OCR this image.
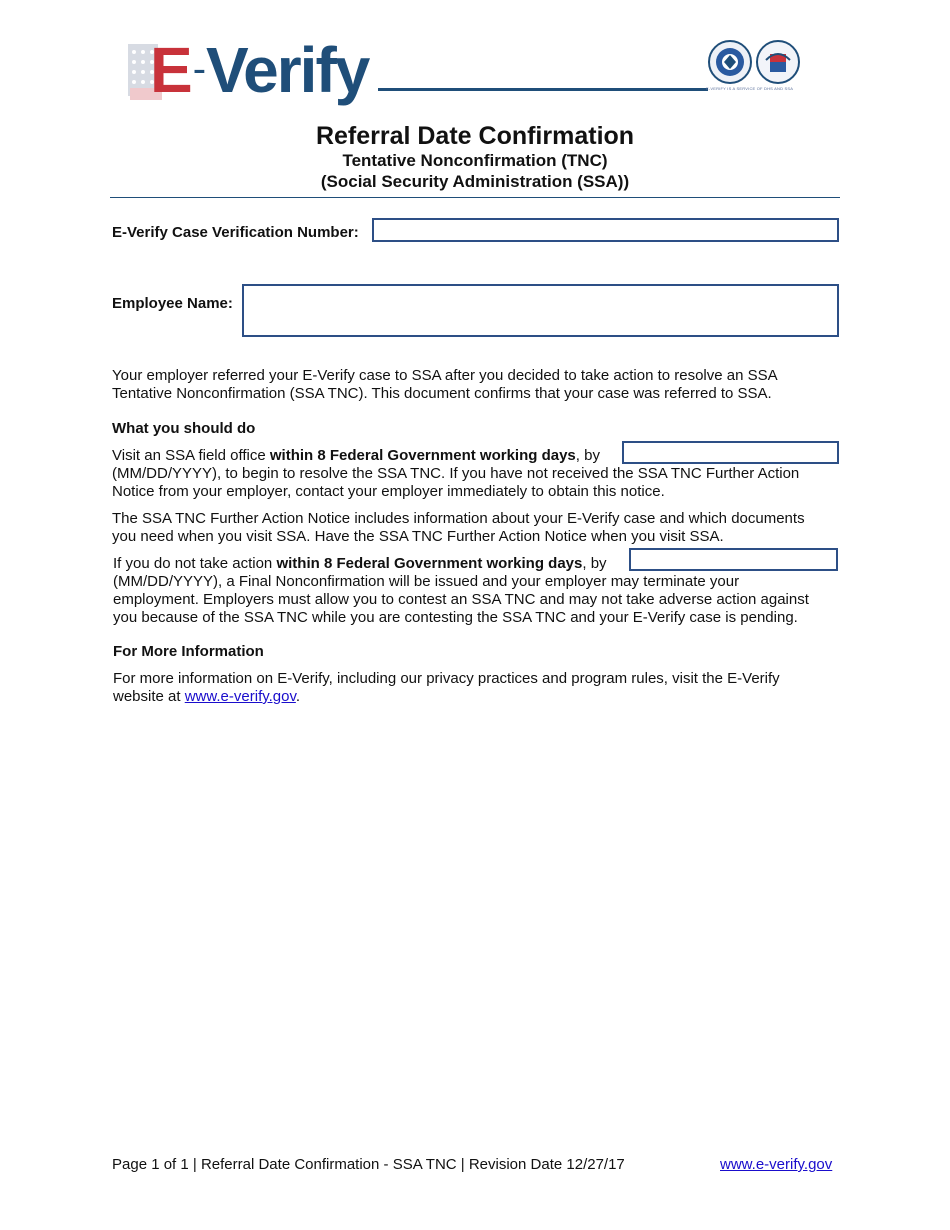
E-Verify	E-VERIFY IS A SERVICE OF DHS AND SSA
Referral Date Confirmation
Tentative Nonconfirmation (TNC)
(Social Security Administration (SSA))
E-Verify Case Verification Number:
Employee Name:
Your employer referred your E-Verify case to SSA after you decided to take action to resolve an SSA
Tentative Nonconfirmation (SSA TNC). This document confirms that your case was referred to SSA.
What you should do
Visit an SSA field office within 8 Federal Government working days, by
(MM/DD/YYYY), to begin to resolve the SSA TNC. If you have not received the SSA TNC Further Action
Notice from your employer, contact your employer immediately to obtain this notice.
The SSA TNC Further Action Notice includes information about your E-Verify case and which documents
you need when you visit SSA. Have the SSA TNC Further Action Notice when you visit SSA.
If you do not take action within 8 Federal Government working days, by
(MM/DD/YYYY), a Final Nonconfirmation will be issued and your employer may terminate your
employment. Employers must allow you to contest an SSA TNC and may not take adverse action against
you because of the SSA TNC while you are contesting the SSA TNC and your E-Verify case is pending.
For More Information
For more information on E-Verify, including our privacy practices and program rules, visit the E-Verify
website at www.e-verify.gov.
Page 1 of 1 | Referral Date Confirmation - SSA TNC | Revision Date 12/27/17	www.e-verify.gov
